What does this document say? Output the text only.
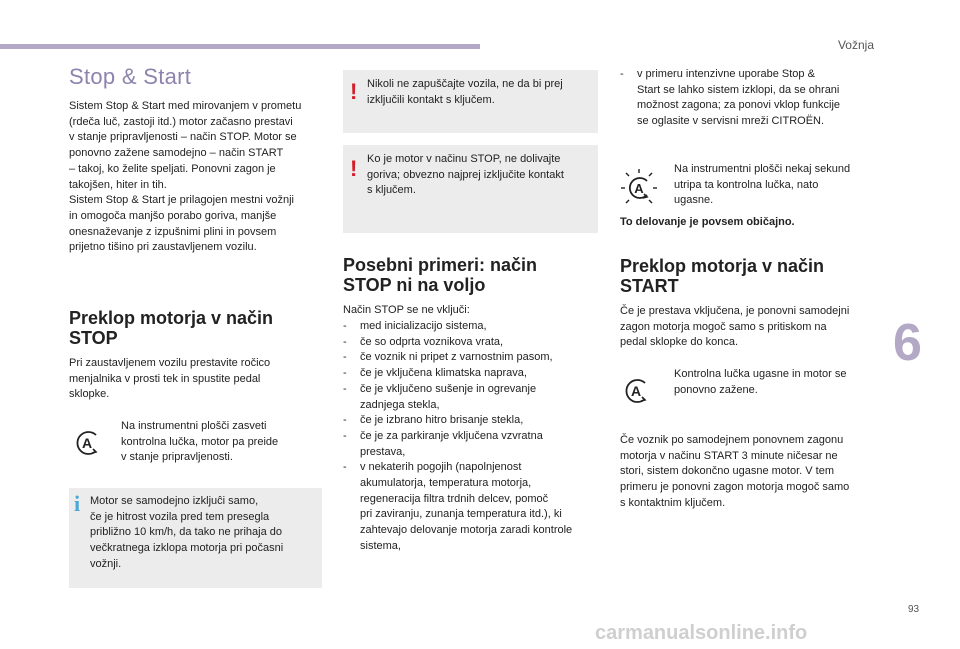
Vožnja
Stop & Start
Sistem Stop & Start med mirovanjem v prometu
(rdeča luč, zastoji itd.) motor začasno prestavi
v stanje pripravljenosti – način STOP. Motor se
ponovno zažene samodejno – način START
– takoj, ko želite speljati. Ponovni zagon je
takojšen, hiter in tih.
Sistem Stop & Start je prilagojen mestni vožnji
in omogoča manjšo porabo goriva, manjše
onesnaževanje z izpušnimi plini in povsem
prijetno tišino pri zaustavljenem vozilu.
Preklop motorja v način
STOP
Pri zaustavljenem vozilu prestavite ročico
menjalnika v prosti tek in spustite pedal
sklopke.
A
Na instrumentni plošči zasveti
kontrolna lučka, motor pa preide
v stanje pripravljenosti.
i Motor se samodejno izkljuĉi samo,
če je hitrost vozila pred tem presegla
približno 10 km/h, da tako ne prihaja do
večkratnega izklopa motorja pri počasni
vožnji.
! Nikoli ne zapuščajte vozila, ne da bi prej
izključili kontakt s ključem.
! Ko je motor v načinu STOP, ne dolivajte
goriva; obvezno najprej izključite kontakt
s ključem.
Posebni primeri: način
STOP ni na voljo
Način STOP se ne vključi:
- med inicializacijo sistema,
- če so odprta voznikova vrata,
- če voznik ni pripet z varnostnim pasom,
- če je vključena klimatska naprava,
- če je vključeno sušenje in ogrevanje
zadnjega stekla,
- če je izbrano hitro brisanje stekla,
- če je za parkiranje vključena vzvratna
prestava,
- v nekaterih pogojih (napolnjenost
akumulatorja, temperatura motorja,
regeneracija filtra trdnih delcev, pomoč
pri zaviranju, zunanja temperatura itd.), ki
zahtevajo delovanje motorja zaradi kontrole
sistema,
- v primeru intenzivne uporabe Stop &
Start se lahko sistem izklopi, da se ohrani
možnost zagona; za ponovi vklop funkcije
se oglasite v servisni mreži CITROËN.
A
Na instrumentni plošči nekaj sekund
utripa ta kontrolna lučka, nato
ugasne.
To delovanje je povsem običajno.
Preklop motorja v način
START
Če je prestava vključena, je ponovni samodejni
zagon motorja mogoč samo s pritiskom na
pedal sklopke do konca.
A
Kontrolna lučka ugasne in motor se
ponovno zažene.
Če voznik po samodejnem ponovnem zagonu
motorja v načinu START 3 minute ničesar ne
stori, sistem dokončno ugasne motor. V tem
primeru je ponovni zagon motorja mogoč samo
s kontaktnim ključem.
6
93
carmanualsonline.info
